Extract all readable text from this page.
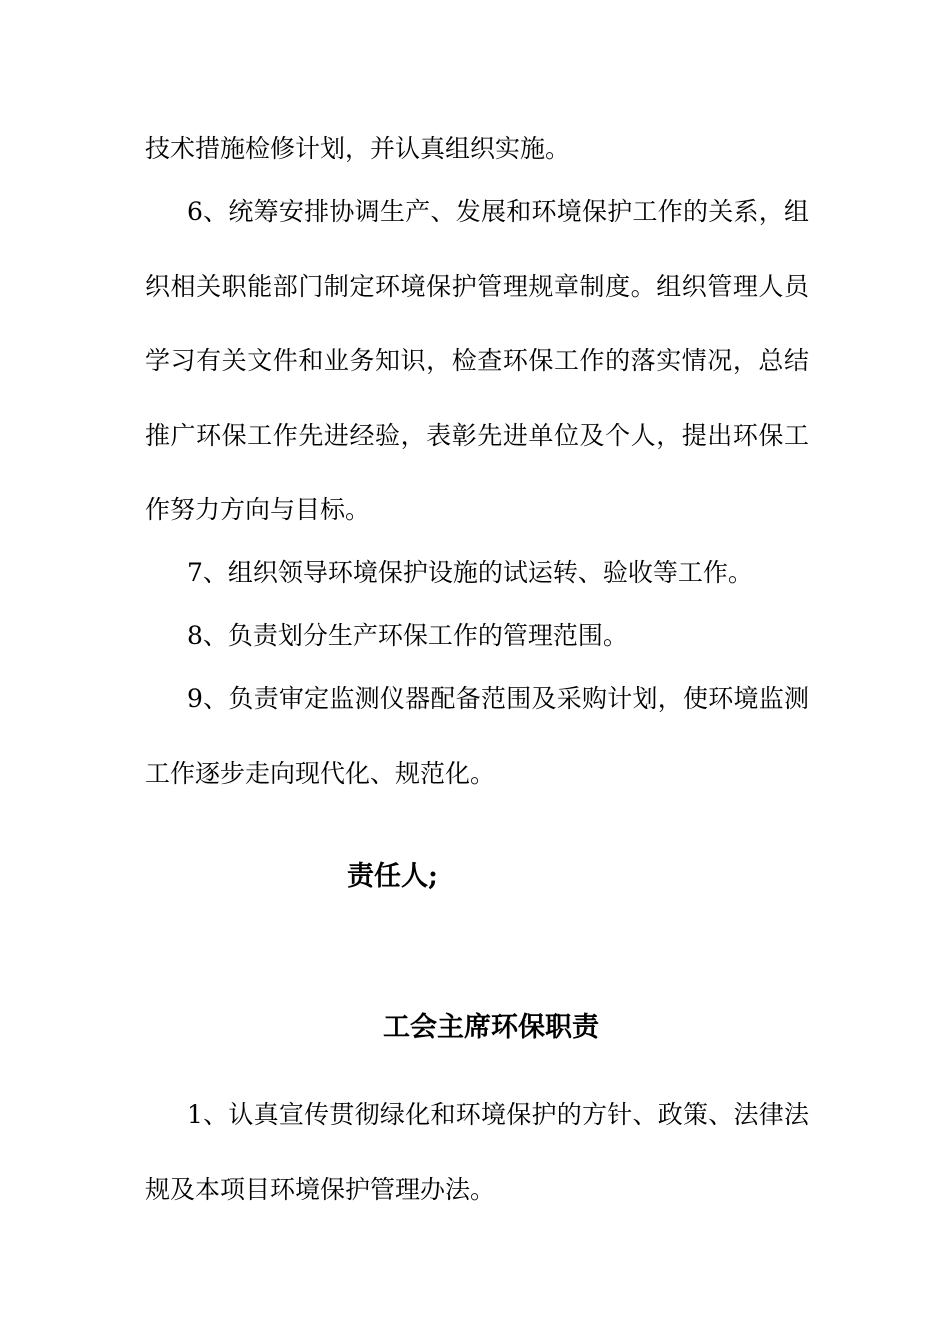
技术措施检修计划，并认真组织实施。
6、统筹安排协调生产、发展和环境保护工作的关系，组
织相关职能部门制定环境保护管理规章制度。组织管理人员
学习有关文件和业务知识，检查环保工作的落实情况，总结
推广环保工作先进经验，表彰先进单位及个人，提出环保工
作努力方向与目标。
7、组织领导环境保护设施的试运转、验收等工作。
8、负责划分生产环保工作的管理范围。
9、负责审定监测仪器配备范围及采购计划，使环境监测
工作逐步走向现代化、规范化。
责任人;
工会主席环保职责
1、认真宣传贯彻绿化和环境保护的方针、政策、法律法
规及本项目环境保护管理办法。
